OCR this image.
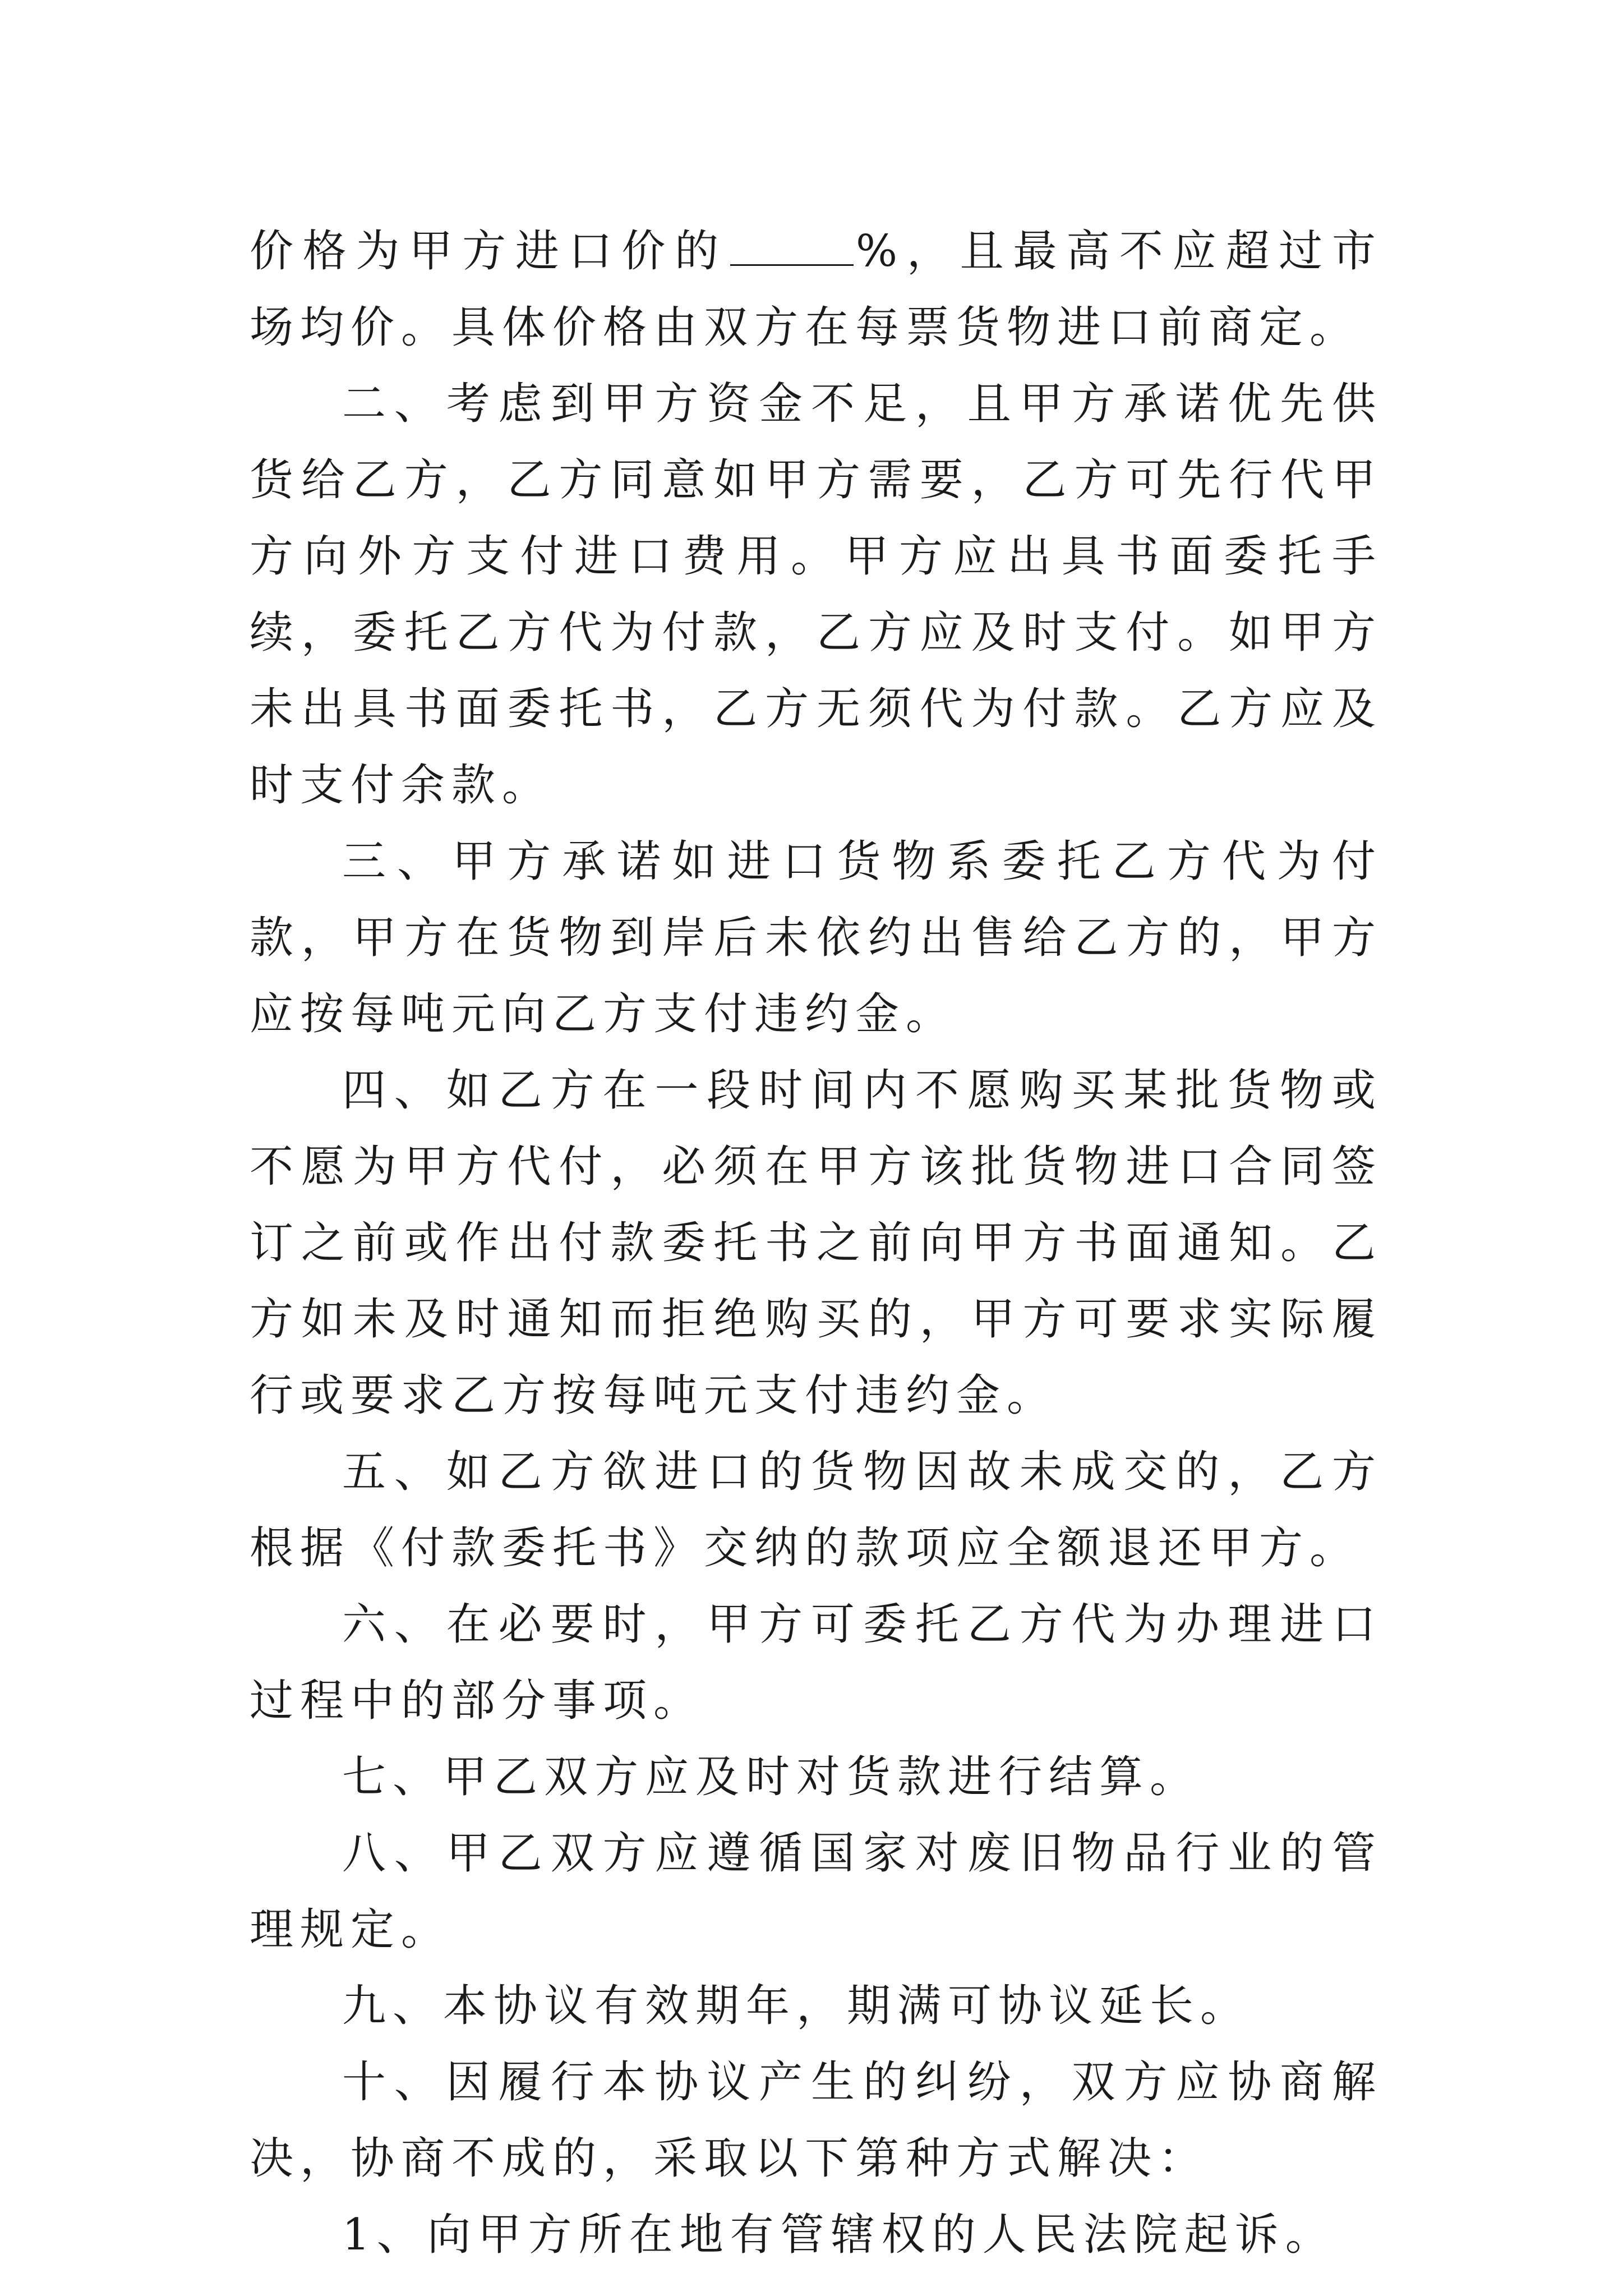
价格为甲方进口价的	%，且最高不应超过市场均价。具体价格由双方在每票货物进口前商定。

二、考虑到甲方资金不足，且甲方承诺优先供货给乙方，乙方同意如甲方需要，乙方可先行代甲方向外方支付进口费用。甲方应出具书面委托手续，委托乙方代为付款，乙方应及时支付。如甲方未出具书面委托书，乙方无须代为付款。乙方应及时支付余款。

三、甲方承诺如进口货物系委托乙方代为付款，甲方在货物到岸后未依约出售给乙方的，甲方应按每吨元向乙方支付违约金。

四、如乙方在一段时间内不愿购买某批货物或不愿为甲方代付，必须在甲方该批货物进口合同签订之前或作出付款委托书之前向甲方书面通知。乙方如未及时通知而拒绝购买的，甲方可要求实际履行或要求乙方按每吨元支付违约金。

五、如乙方欲进口的货物因故未成交的，乙方根据《付款委托书》交纳的款项应全额退还甲方。

六、在必要时，甲方可委托乙方代为办理进口过程中的部分事项。

七、甲乙双方应及时对货款进行结算。

八、甲乙双方应遵循国家对废旧物品行业的管理规定。

九、本协议有效期年，期满可协议延长。

十、因履行本协议产生的纠纷，双方应协商解决，协商不成的，采取以下第种方式解决：

1、向甲方所在地有管辖权的人民法院起诉。
